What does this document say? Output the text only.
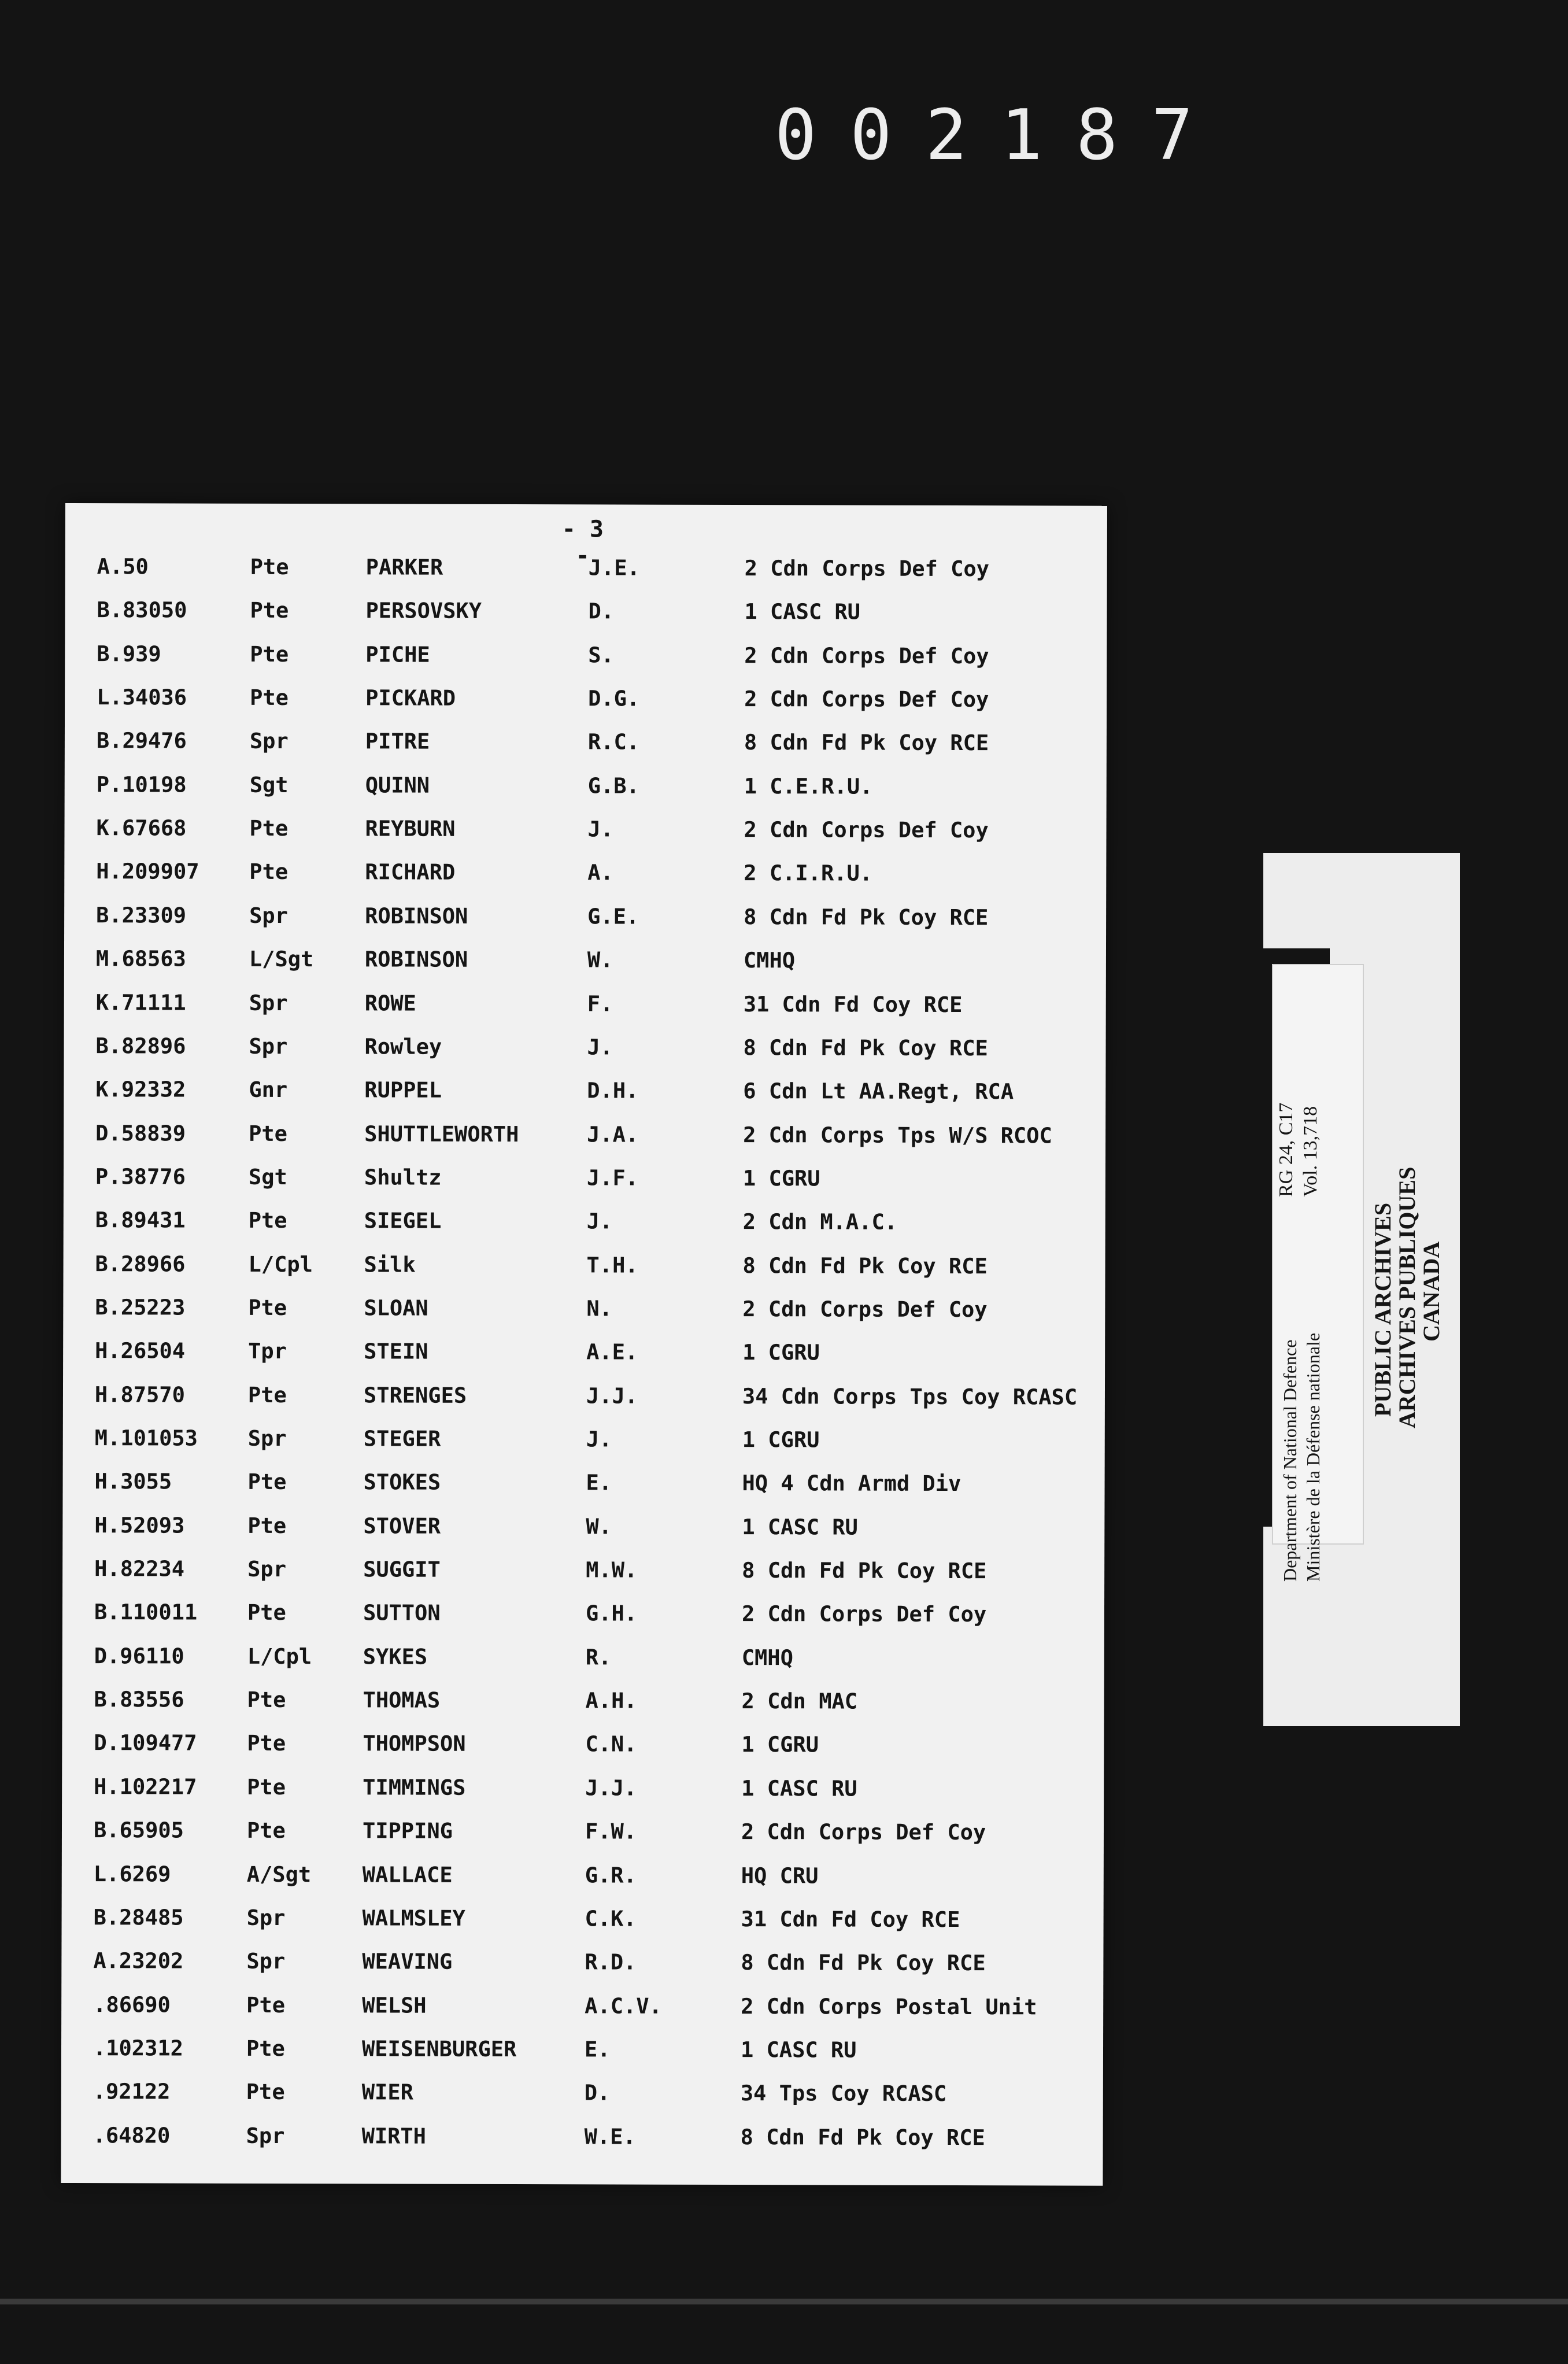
002187
- 3 -
A.50	Pte	PARKER	J.E.	2 Cdn Corps Def Coy
B.83050	Pte	PERSOVSKY	D.	1 CASC RU
B.939	Pte	PICHE	S.	2 Cdn Corps Def Coy
L.34036	Pte	PICKARD	D.G.	2 Cdn Corps Def Coy
B.29476	Spr	PITRE	R.C.	8 Cdn Fd Pk Coy RCE
P.10198	Sgt	QUINN	G.B.	1 C.E.R.U.
K.67668	Pte	REYBURN	J.	2 Cdn Corps Def Coy
H.209907 Pte	RICHARD	A.	2 C.I.R.U.
B.23309	Spr	ROBINSON	G.E.	8 Cdn Fd Pk Coy RCE
M.68563	L/Sgt ROBINSON	W.	CMHQ
K.71111	Spr	ROWE	F.	31 Cdn Fd Coy RCE
B.82896	Spr	Rowley	J.	8 Cdn Fd Pk Coy RCE
K.92332	Gnr	RUPPEL	D.H.	6 Cdn Lt AA.Regt, RCA
D.58839	Pte	SHUTTLEWORTH	J.A.	2 Cdn Corps Tps W/S RCOC
P.38776	Sgt	Shultz	J.F.	1 CGRU
B.89431	Pte	SIEGEL	J.	2 Cdn M.A.C.
B.28966	L/Cpl Silk	T.H.	8 Cdn Fd Pk Coy RCE
B.25223	Pte	SLOAN	N.	2 Cdn Corps Def Coy
H.26504	Tpr	STEIN	A.E.	1 CGRU
H.87570	Pte	STRENGES	J.J.	34 Cdn Corps Tps Coy RCASC
M.101053 Spr	STEGER	J.	1 CGRU
H.3055	Pte	STOKES	E.	HQ 4 Cdn Armd Div
H.52093	Pte	STOVER	W.	1 CASC RU
H.82234	Spr	SUGGIT	M.W.	8 Cdn Fd Pk Coy RCE
B.110011 Pte	SUTTON	G.H.	2 Cdn Corps Def Coy
D.96110	L/Cpl SYKES	R.	CMHQ
B.83556	Pte	THOMAS	A.H.	2 Cdn MAC
D.109477 Pte	THOMPSON	C.N.	1 CGRU
H.102217 Pte	TIMMINGS	J.J.	1 CASC RU
B.65905	Pte	TIPPING	F.W.	2 Cdn Corps Def Coy
L.6269	A/Sgt WALLACE	G.R.	HQ CRU
B.28485	Spr	WALMSLEY	C.K.	31 Cdn Fd Coy RCE
A.23202	Spr	WEAVING	R.D.	8 Cdn Fd Pk Coy RCE
.86690	Pte	WELSH	A.C.V.	2 Cdn Corps Postal Unit
.102312	Pte	WEISENBURGER	E.	1 CASC RU
.92122	Pte	WIER	D.	34 Tps Coy RCASC
.64820	Spr	WIRTH	W.E.	8 Cdn Fd Pk Coy RCE
Department of National Defence Ministère de la Défense nationale
RG 24, C17 Vol. 13,718
PUBLIC ARCHIVES
ARCHIVES PUBLIQUES
CANADA
